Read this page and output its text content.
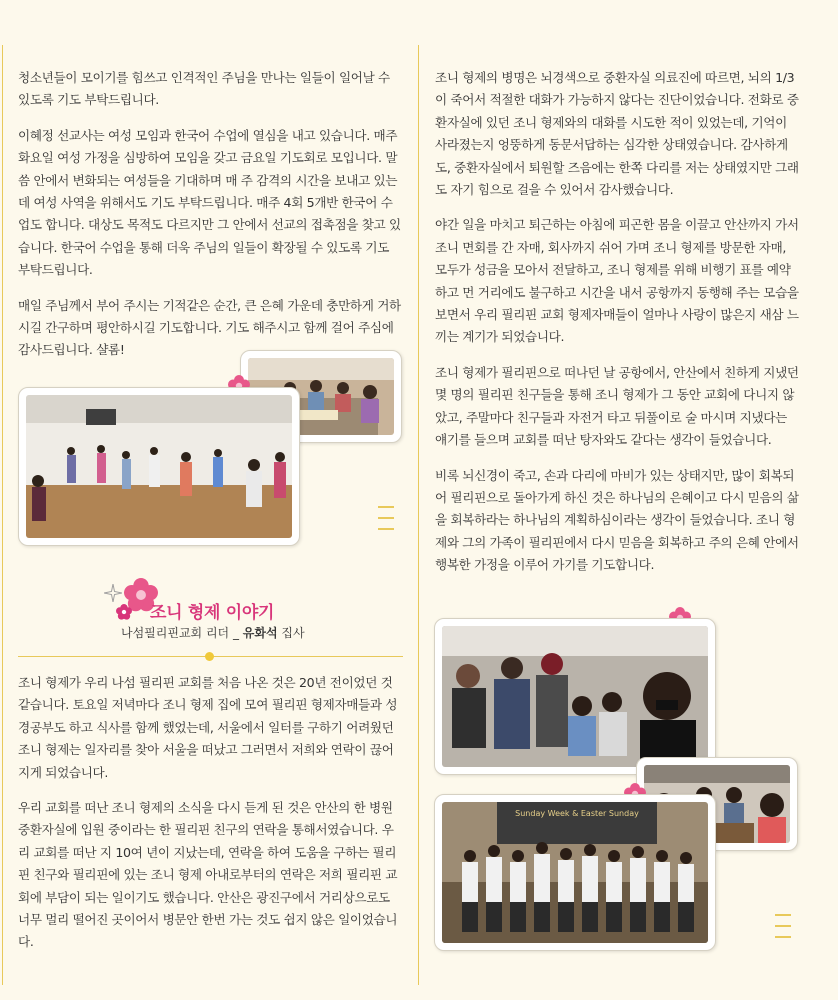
청소년들이 모이기를 힘쓰고 인격적인 주님을 만나는 일들이 일어날 수 있도록 기도 부탁드립니다.

이혜정 선교사는 여성 모임과 한국어 수업에 열심을 내고 있습니다. 매주 화요일 여성 가정을 심방하여 모임을 갖고 금요일 기도회로 모입니다. 말씀 안에서 변화되는 여성들을 기대하며 매 주 감격의 시간을 보내고 있는데 여성 사역을 위해서도 기도 부탁드립니다. 매주 4회 5개반 한국어 수업도 합니다. 대상도 목적도 다르지만 그 안에서 선교의 접촉점을 찾고 있습니다. 한국어 수업을 통해 더욱 주님의 일들이 확장될 수 있도록 기도 부탁드립니다.

매일 주님께서 부어 주시는 기적같은 순간, 큰 은혜 가운데 충만하게 거하시길 간구하며 평안하시길 기도합니다. 기도 해주시고 함께 걸어 주심에 감사드립니다. 샬롬!

조니 형제 이야기
나섬필리핀교회 리더 _ 유화석 집사

조니 형제가 우리 나섬 필리핀 교회를 처음 나온 것은 20년 전이었던 것 같습니다. 토요일 저녁마다 조니 형제 집에 모여 필리핀 형제자매들과 성경공부도 하고 식사를 함께 했었는데, 서울에서 일터를 구하기 어려웠던 조니 형제는 일자리를 찾아 서울을 떠났고 그러면서 저희와 연락이 끊어지게 되었습니다.

우리 교회를 떠난 조니 형제의 소식을 다시 듣게 된 것은 안산의 한 병원 중환자실에 입원 중이라는 한 필리핀 친구의 연락을 통해서였습니다. 우리 교회를 떠난 지 10여 년이 지났는데, 연락을 하여 도움을 구하는 필리핀 친구와 필리핀에 있는 조니 형제 아내로부터의 연락은 저희 필리핀 교회에 부담이 되는 일이기도 했습니다. 안산은 광진구에서 거리상으로도 너무 멀리 떨어진 곳이어서 병문안 한번 가는 것도 쉽지 않은 일이었습니다.

조니 형제의 병명은 뇌경색으로 중환자실 의료진에 따르면, 뇌의 1/3이 죽어서 적절한 대화가 가능하지 않다는 진단이었습니다. 전화로 중환자실에 있던 조니 형제와의 대화를 시도한 적이 있었는데, 기억이 사라졌는지 엉뚱하게 동문서답하는 심각한 상태였습니다. 감사하게도, 중환자실에서 퇴원할 즈음에는 한쪽 다리를 저는 상태였지만 그래도 자기 힘으로 걸을 수 있어서 감사했습니다.

야간 일을 마치고 퇴근하는 아침에 피곤한 몸을 이끌고 안산까지 가서 조니 면회를 간 자매, 회사까지 쉬어 가며 조니 형제를 방문한 자매, 모두가 성금을 모아서 전달하고, 조니 형제를 위해 비행기 표를 예약하고 먼 거리에도 불구하고 시간을 내서 공항까지 동행해 주는 모습을 보면서 우리 필리핀 교회 형제자매들이 얼마나 사랑이 많은지 새삼 느끼는 계기가 되었습니다.

조니 형제가 필리핀으로 떠나던 날 공항에서, 안산에서 친하게 지냈던 몇 명의 필리핀 친구들을 통해 조니 형제가 그 동안 교회에 다니지 않았고, 주말마다 친구들과 자전거 타고 뒤풀이로 술 마시며 지냈다는 얘기를 들으며 교회를 떠난 탕자와도 같다는 생각이 들었습니다.

비록 뇌신경이 죽고, 손과 다리에 마비가 있는 상태지만, 많이 회복되어 필리핀으로 돌아가게 하신 것은 하나님의 은혜이고 다시 믿음의 삶을 회복하라는 하나님의 계획하심이라는 생각이 들었습니다. 조니 형제와 그의 가족이 필리핀에서 다시 믿음을 회복하고 주의 은혜 안에서 행복한 가정을 이루어 가기를 기도합니다.

Sunday Week & Easter Sunday
